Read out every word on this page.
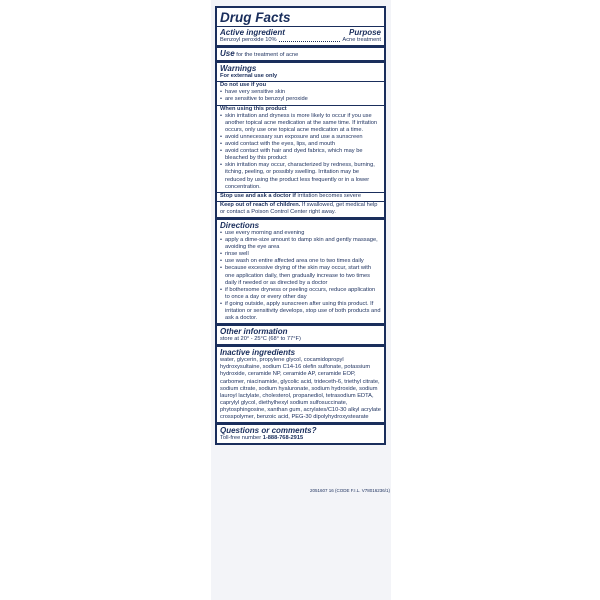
Drug Facts
Active ingredient	Purpose
Benzoyl peroxide 10%	Acne treatment
Use for the treatment of acne
Warnings
For external use only
Do not use if you
• have very sensitive skin
• are sensitive to benzoyl peroxide
When using this product
• skin irritation and dryness is more likely to occur if you use another topical acne medication at the same time. If irritation occurs, only use one topical acne medication at a time.
• avoid unnecessary sun exposure and use a sunscreen
• avoid contact with the eyes, lips, and mouth
• avoid contact with hair and dyed fabrics, which may be bleached by this product
• skin irritation may occur, characterized by redness, burning, itching, peeling, or possibly swelling. Irritation may be reduced by using the product less frequently or in a lower concentration.
Stop use and ask a doctor if irritation becomes severe
Keep out of reach of children. If swallowed, get medical help or contact a Poison Control Center right away.
Directions
• use every morning and evening
• apply a dime-size amount to damp skin and gently massage, avoiding the eye area
• rinse well
• use wash on entire affected area one to two times daily
• because excessive drying of the skin may occur, start with one application daily, then gradually increase to two times daily if needed or as directed by a doctor
• if bothersome dryness or peeling occurs, reduce application to once a day or every other day
• if going outside, apply sunscreen after using this product. If irritation or sensitivity develops, stop use of both products and ask a doctor.
Other information
store at 20° - 25°C (68° to 77°F)
Inactive ingredients
water, glycerin, propylene glycol, cocamidopropyl hydroxysultaine, sodium C14-16 olefin sulfonate, potassium hydroxide, ceramide NP, ceramide AP, ceramide EOP, carbomer, niacinamide, glycolic acid, trideceth-6, triethyl citrate, sodium citrate, sodium hyaluronate, sodium hydroxide, sodium lauroyl lactylate, cholesterol, propanediol, tetrasodium EDTA, caprylyl glycol, diethylhexyl sodium sulfosuccinate, phytosphingosine, xanthan gum, acrylates/C10-30 alkyl acrylate crosspolymer, benzoic acid, PEG-30 dipolyhydroxystearate
Questions or comments?
Toll-free number 1-888-768-2915
2051607 16 (CODE F.I.L. V78016236/1)
